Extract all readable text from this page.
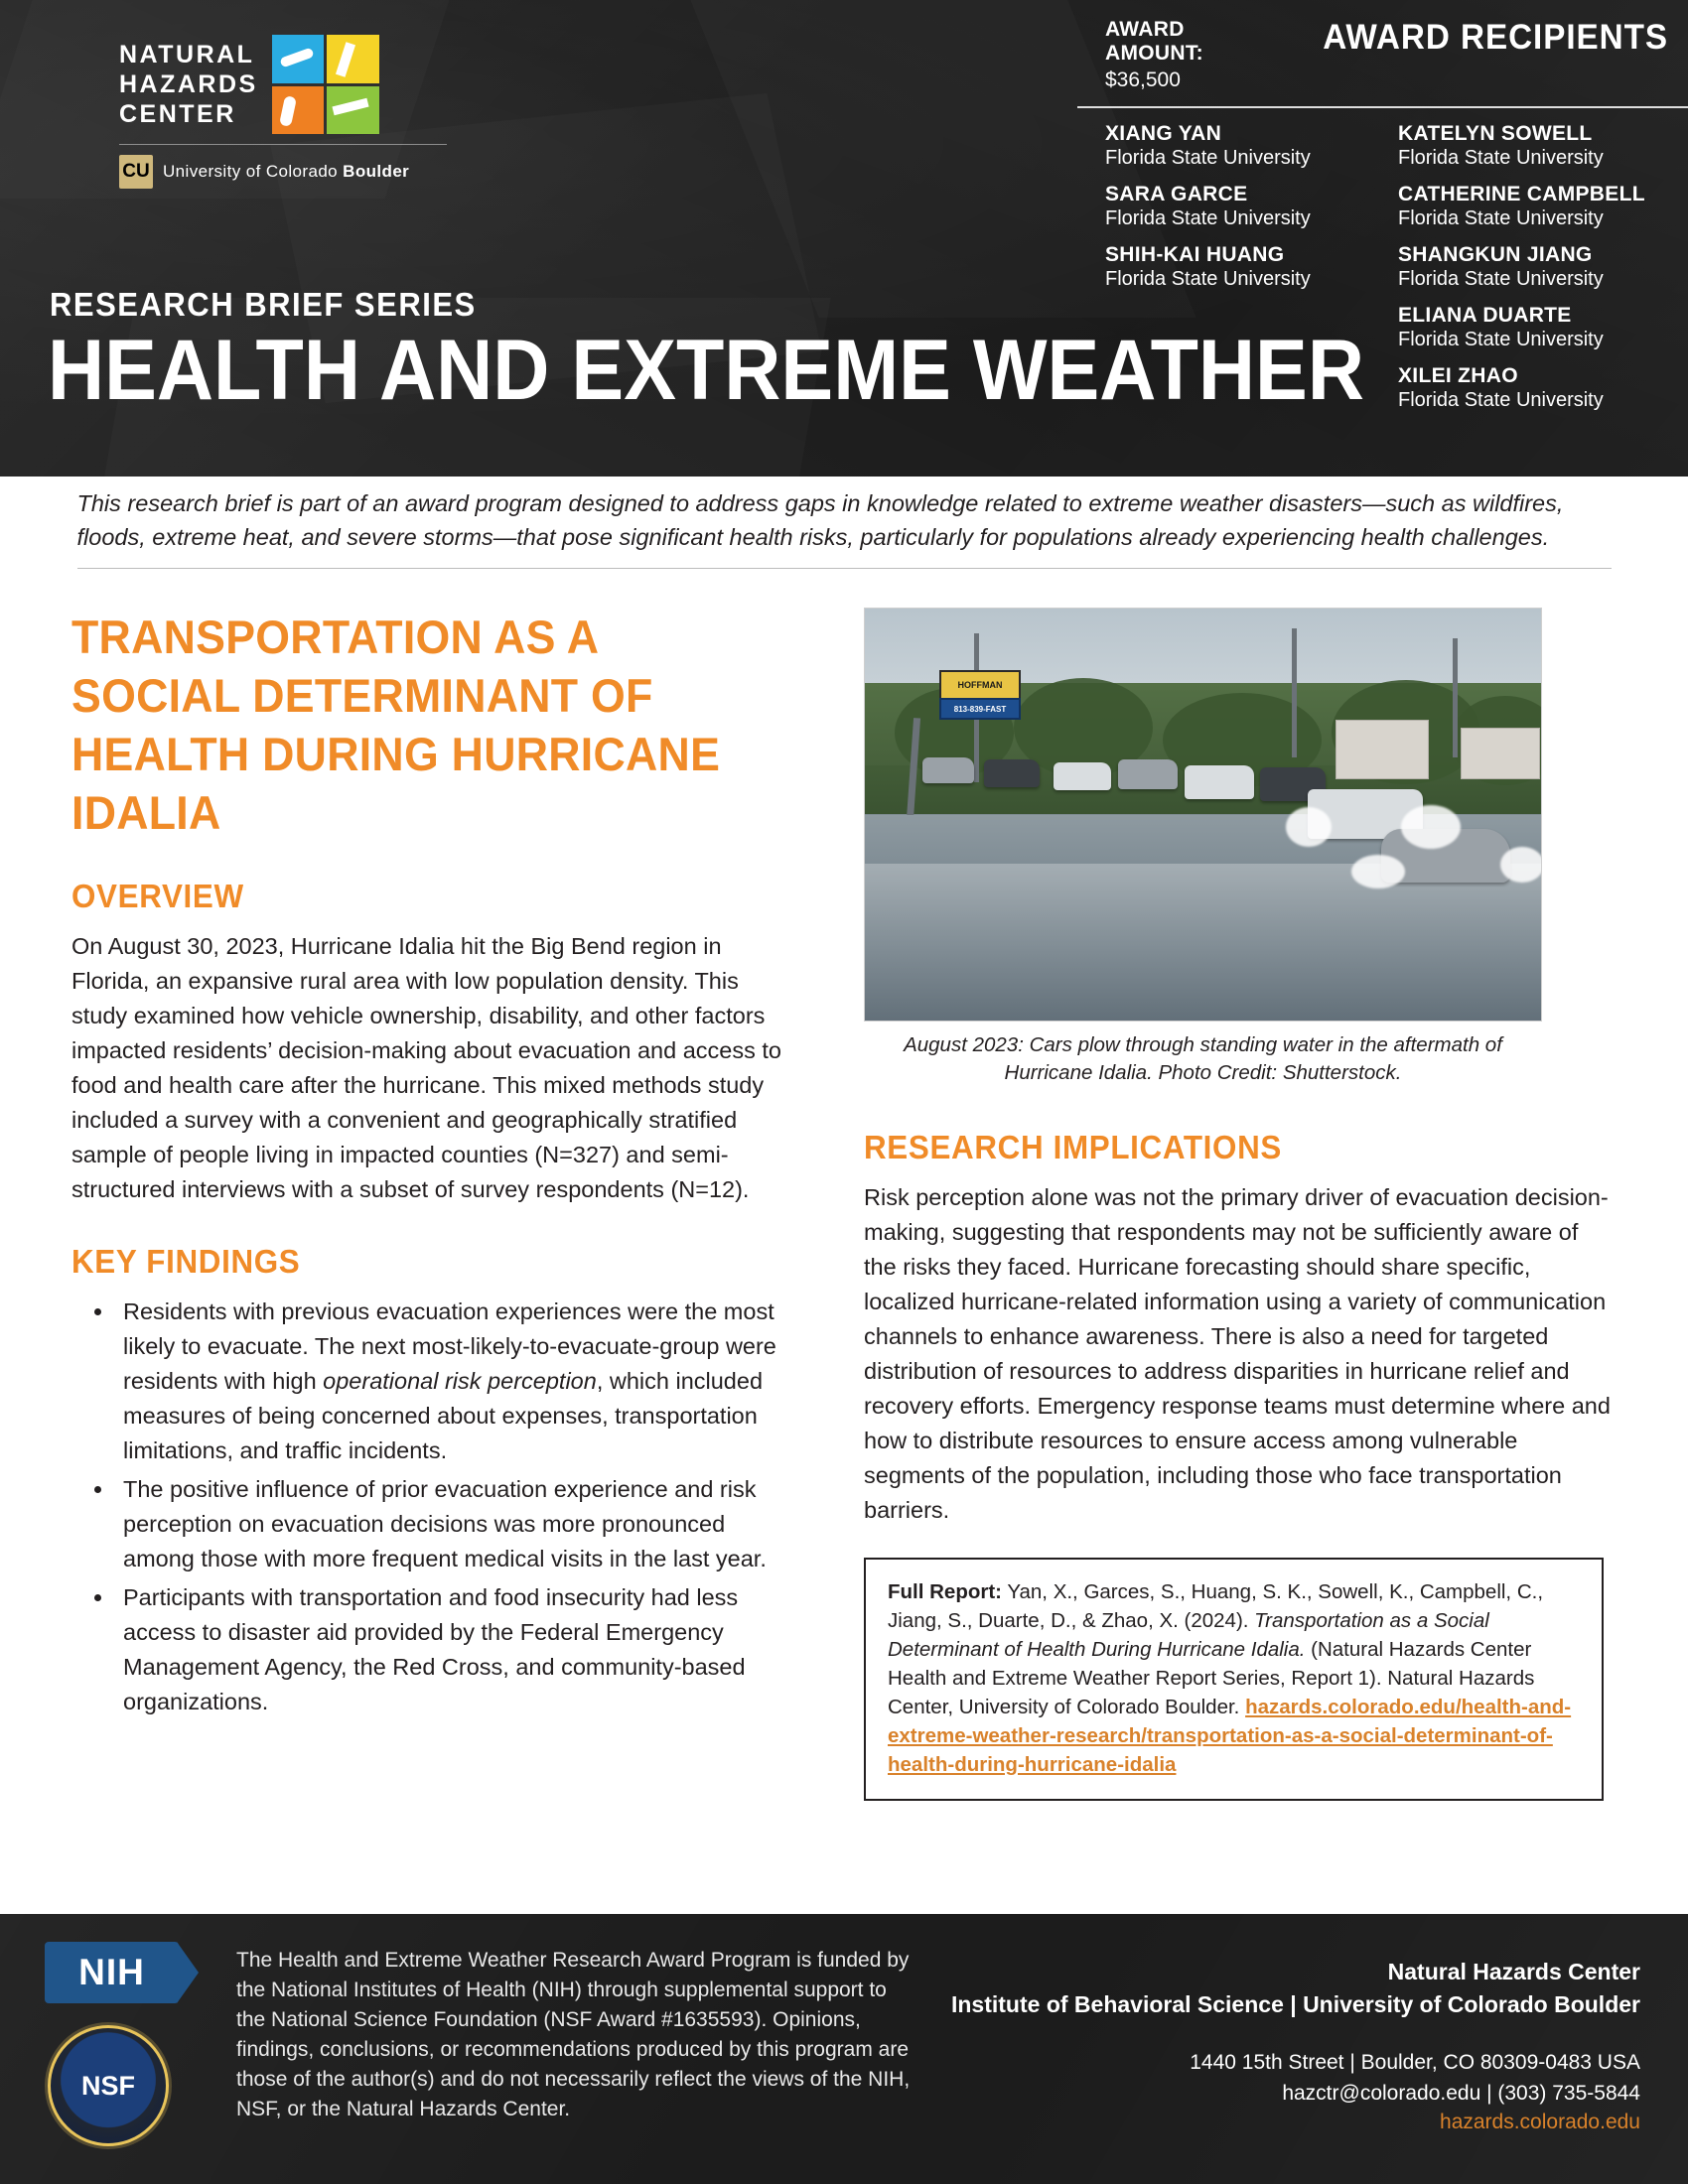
NATURAL
HAZARDS
CENTER
CU University of Colorado Boulder
RESEARCH BRIEF SERIES
HEALTH AND EXTREME WEATHER
AWARD AMOUNT:
$36,500
AWARD RECIPIENTS
XIANG YAN
Florida State University
SARA GARCE
Florida State University
SHIH-KAI HUANG
Florida State University
KATELYN SOWELL
Florida State University
CATHERINE CAMPBELL
Florida State University
SHANGKUN JIANG
Florida State University
ELIANA DUARTE
Florida State University
XILEI ZHAO
Florida State University
This research brief is part of an award program designed to address gaps in knowledge related to extreme weather disasters—such as wildfires, floods, extreme heat, and severe storms—that pose significant health risks, particularly for populations already experiencing health challenges.
TRANSPORTATION AS A SOCIAL DETERMINANT OF HEALTH DURING HURRICANE IDALIA
OVERVIEW

On August 30, 2023, Hurricane Idalia hit the Big Bend region in Florida, an expansive rural area with low population density. This study examined how vehicle ownership, disability, and other factors impacted residents’ decision-making about evacuation and access to food and health care after the hurricane. This mixed methods study included a survey with a convenient and geographically stratified sample of people living in impacted counties (N=327) and semi-structured interviews with a subset of survey respondents (N=12).

KEY FINDINGS
• Residents with previous evacuation experiences were the most likely to evacuate. The next most-likely-to-evacuate-group were residents with high operational risk perception, which included measures of being concerned about expenses, transportation limitations, and traffic incidents.
• The positive influence of prior evacuation experience and risk perception on evacuation decisions was more pronounced among those with more frequent medical visits in the last year.
• Participants with transportation and food insecurity had less access to disaster aid provided by the Federal Emergency Management Agency, the Red Cross, and community-based organizations.
HOFFMAN
813-839-FAST
August 2023: Cars plow through standing water in the aftermath of Hurricane Idalia. Photo Credit: Shutterstock.
RESEARCH IMPLICATIONS

Risk perception alone was not the primary driver of evacuation decision-making, suggesting that respondents may not be sufficiently aware of the risks they faced. Hurricane forecasting should share specific, localized hurricane-related information using a variety of communication channels to enhance awareness. There is also a need for targeted distribution of resources to address disparities in hurricane relief and recovery efforts. Emergency response teams must determine where and how to distribute resources to ensure access among vulnerable segments of the population, including those who face transportation barriers.

Full Report: Yan, X., Garces, S., Huang, S. K., Sowell, K., Campbell, C., Jiang, S., Duarte, D., & Zhao, X. (2024). Transportation as a Social Determinant of Health During Hurricane Idalia. (Natural Hazards Center Health and Extreme Weather Report Series, Report 1). Natural Hazards Center, University of Colorado Boulder. hazards.colorado.edu/health-and-extreme-weather-research/transportation-as-a-social-determinant-of-health-during-hurricane-idalia
NIH
NSF
The Health and Extreme Weather Research Award Program is funded by the National Institutes of Health (NIH) through supplemental support to the National Science Foundation (NSF Award #1635593). Opinions, findings, conclusions, or recommendations produced by this program are those of the author(s) and do not necessarily reflect the views of the NIH, NSF, or the Natural Hazards Center.
Natural Hazards Center
Institute of Behavioral Science | University of Colorado Boulder
1440 15th Street | Boulder, CO 80309-0483 USA
hazctr@colorado.edu | (303) 735-5844
hazards.colorado.edu
